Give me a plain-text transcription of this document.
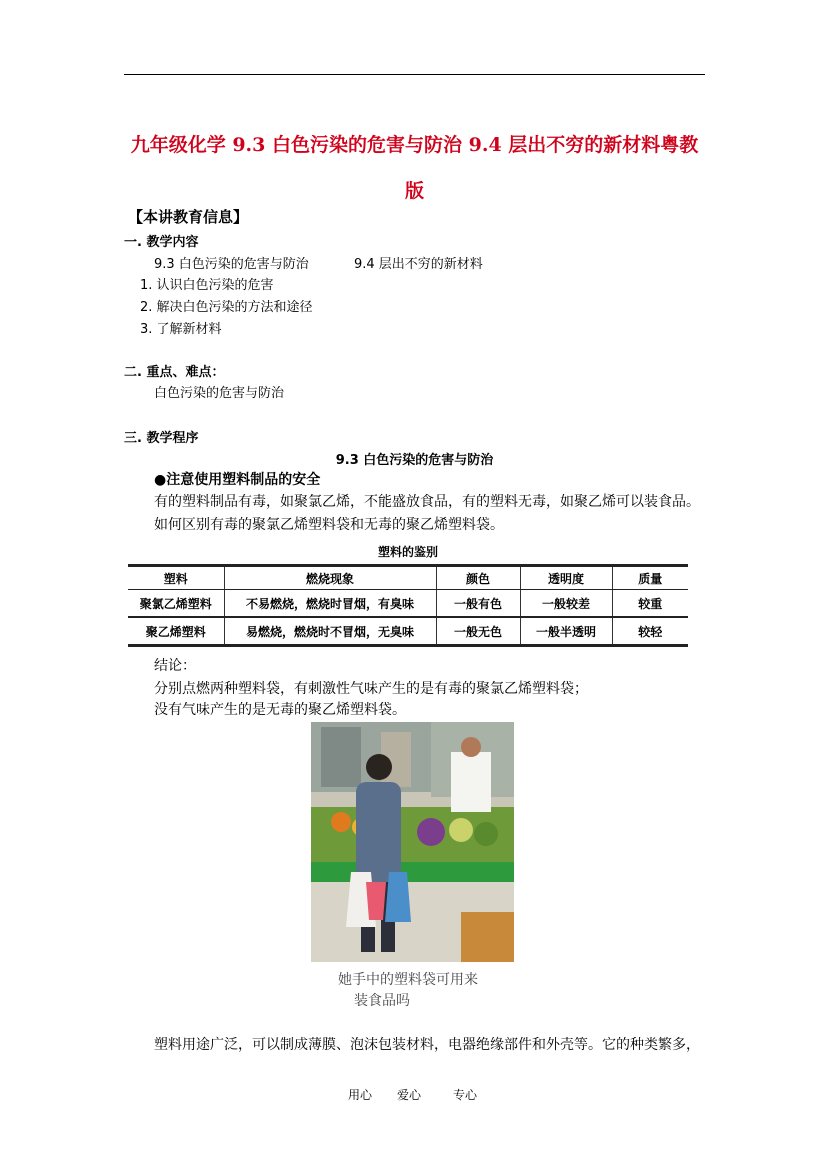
九年级化学 9.3 白色污染的危害与防治 9.4 层出不穷的新材料粤教
版
【本讲教育信息】
一. 教学内容
9.3 白色污染的危害与防治	9.4 层出不穷的新材料
1. 认识白色污染的危害
2. 解决白色污染的方法和途径
3. 了解新材料
二. 重点、难点：
白色污染的危害与防治
三. 教学程序
9.3 白色污染的危害与防治
●注意使用塑料制品的安全
有的塑料制品有毒，如聚氯乙烯，不能盛放食品，有的塑料无毒，如聚乙烯可以装食品。
如何区别有毒的聚氯乙烯塑料袋和无毒的聚乙烯塑料袋。
塑料的鉴别
塑料	燃烧现象	颜色	透明度	质量
聚氯乙烯塑料	不易燃烧，燃烧时冒烟，有臭味	一般有色	一般较差	较重
聚乙烯塑料	易燃烧，燃烧时不冒烟，无臭味	一般无色	一般半透明	较轻
结论：
分别点燃两种塑料袋，有刺激性气味产生的是有毒的聚氯乙烯塑料袋；
没有气味产生的是无毒的聚乙烯塑料袋。
她手中的塑料袋可用来
装食品吗
塑料用途广泛，可以制成薄膜、泡沫包装材料，电器绝缘部件和外壳等。它的种类繁多，
用心 爱心	专心
